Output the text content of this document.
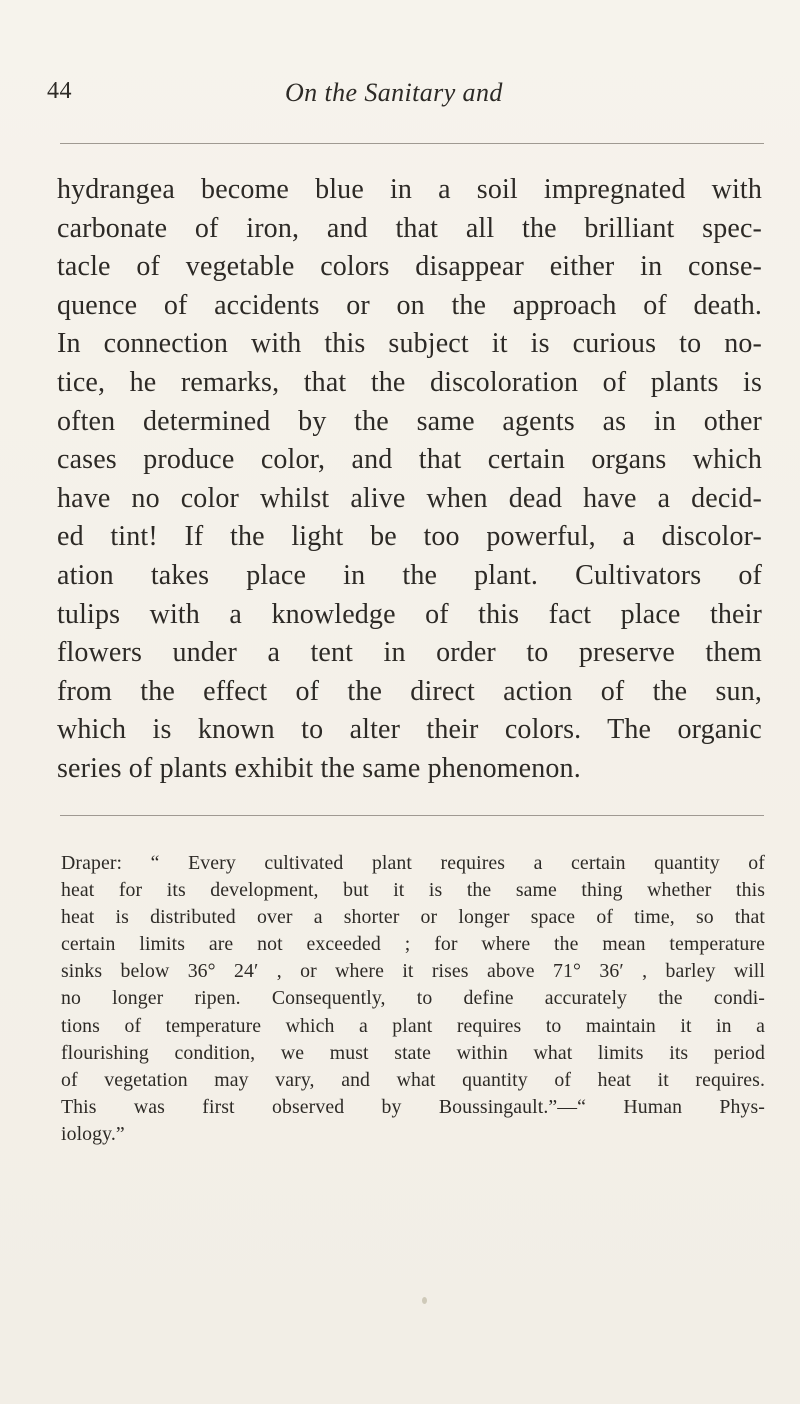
44	On the Sanitary and
hydrangea become blue in a soil impregnated with
carbonate of iron, and that all the brilliant spec-
tacle of vegetable colors disappear either in conse-
quence of accidents or on the approach of death.
In connection with this subject it is curious to no-
tice, he remarks, that the discoloration of plants is
often determined by the same agents as in other
cases produce color, and that certain organs which
have no color whilst alive when dead have a decid-
ed tint! If the light be too powerful, a discolor-
ation takes place in the plant. Cultivators of
tulips with a knowledge of this fact place their
flowers under a tent in order to preserve them
from the effect of the direct action of the sun,
which is known to alter their colors. The organic
series of plants exhibit the same phenomenon.
Draper: “ Every cultivated plant requires a certain quantity of
heat for its development, but it is the same thing whether this
heat is distributed over a shorter or longer space of time, so that
certain limits are not exceeded ; for where the mean temperature
sinks below 36° 24′ , or where it rises above 71° 36′ , barley will
no longer ripen. Consequently, to define accurately the condi-
tions of temperature which a plant requires to maintain it in a
flourishing condition, we must state within what limits its period
of vegetation may vary, and what quantity of heat it requires.
This was first observed by Boussingault.”—“ Human Phys-
iology.”
